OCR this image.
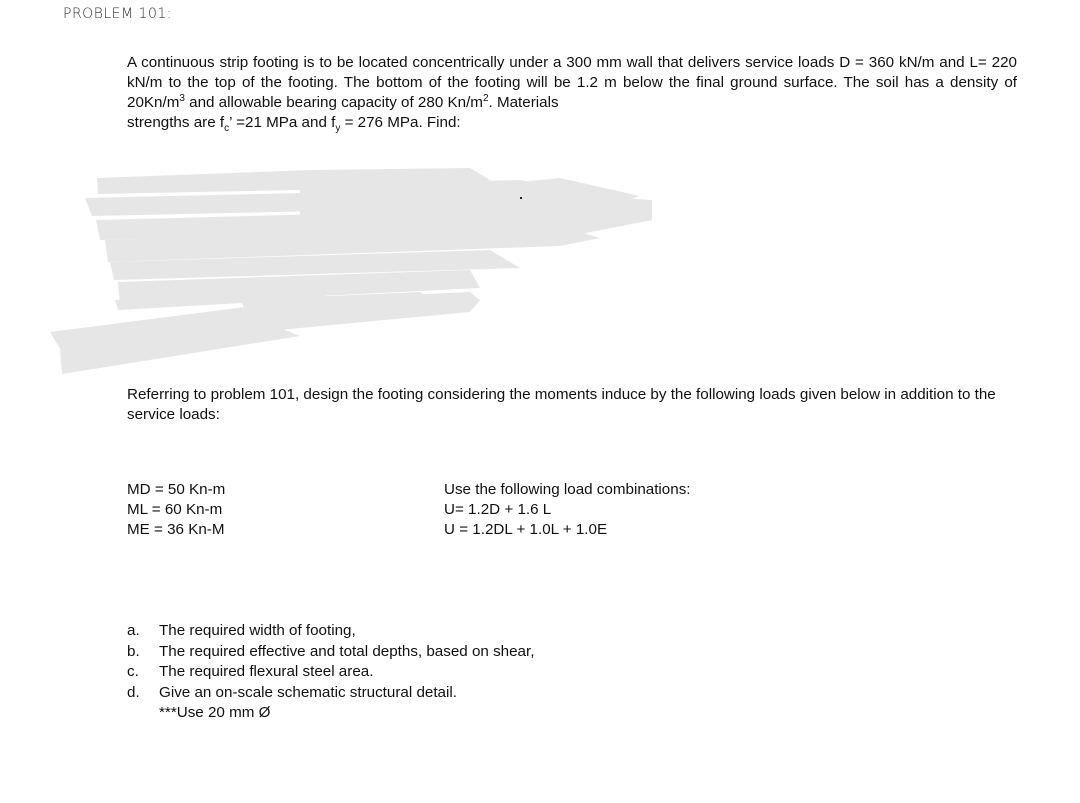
PROBLEM 101:
A continuous strip footing is to be located concentrically under a 300 mm wall that delivers service loads D = 360 kN/m and L= 220 kN/m to the top of the footing. The bottom of the footing will be 1.2 m below the final ground surface. The soil has a density of $20Kn/m^3$ and allowable bearing capacity of 280 $Kn/m^2$. Materials
strengths are $f_c$’ =21 MPa and $f_y = 276$ MPa. Find:
Referring to problem 101, design the footing considering the moments induce by the following loads given below in addition to the service loads:
MD = 50 Kn-m
ML = 60 Kn-m
ME = 36 Kn-M
Use the following load combinations:
U= 1.2D + 1.6 L
U = 1.2DL + 1.0L + 1.0E
a.	The required width of footing,
b.	The required effective and total depths, based on shear,
c.	The required flexural steel area.
d.	Give an on-scale schematic structural detail.
***Use 20 mm Ø
